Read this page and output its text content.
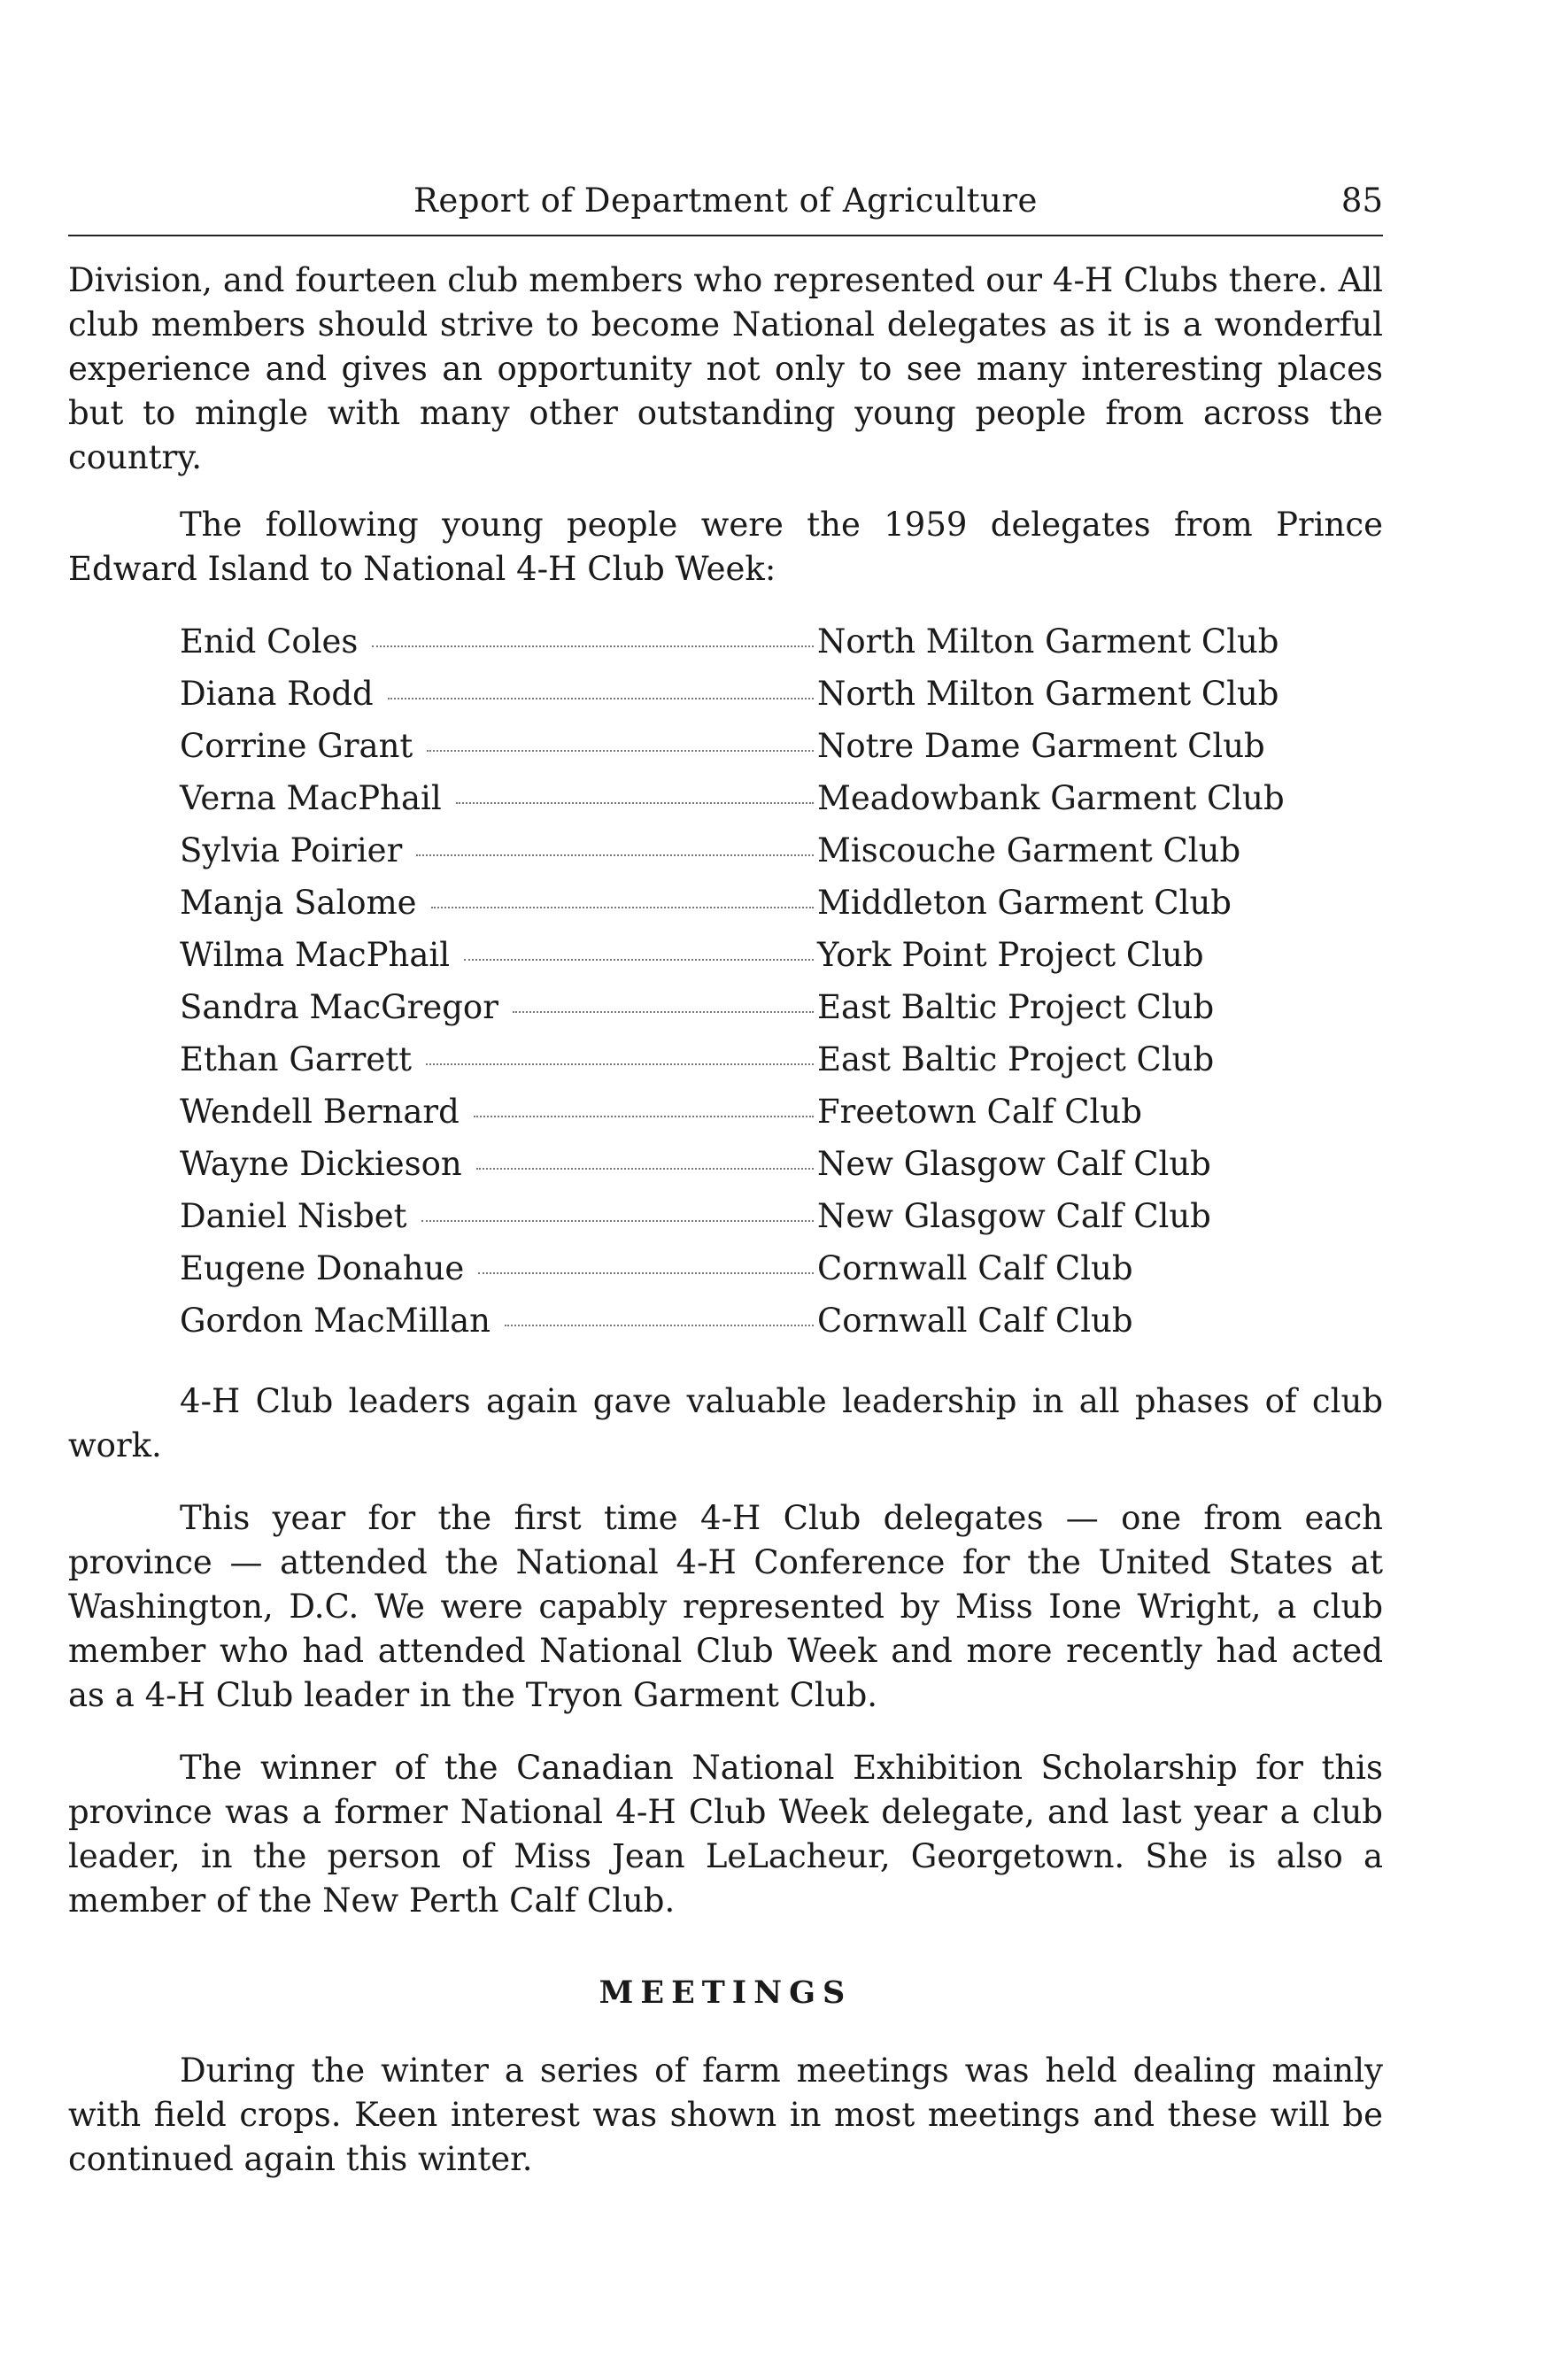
Report of Department of Agriculture	85

Division, and fourteen club members who represented our 4-H Clubs there. All club members should strive to become National delegates as it is a wonderful experience and gives an opportunity not only to see many interesting places but to mingle with many other outstanding young people from across the country.

The following young people were the 1959 delegates from Prince Edward Island to National 4-H Club Week:

Enid Coles	North Milton Garment Club
Diana Rodd	North Milton Garment Club
Corrine Grant	Notre Dame Garment Club
Verna MacPhail	Meadowbank Garment Club
Sylvia Poirier	Miscouche Garment Club
Manja Salome	Middleton Garment Club
Wilma MacPhail	York Point Project Club
Sandra MacGregor	East Baltic Project Club
Ethan Garrett	East Baltic Project Club
Wendell Bernard	Freetown Calf Club
Wayne Dickieson	New Glasgow Calf Club
Daniel Nisbet	New Glasgow Calf Club
Eugene Donahue	Cornwall Calf Club
Gordon MacMillan	Cornwall Calf Club

4-H Club leaders again gave valuable leadership in all phases of club work.

This year for the first time 4-H Club delegates — one from each province — attended the National 4-H Conference for the United States at Washington, D.C. We were capably represented by Miss Ione Wright, a club member who had attended National Club Week and more recently had acted as a 4-H Club leader in the Tryon Garment Club.

The winner of the Canadian National Exhibition Scholarship for this province was a former National 4-H Club Week delegate, and last year a club leader, in the person of Miss Jean LeLacheur, Georgetown. She is also a member of the New Perth Calf Club.

MEETINGS

During the winter a series of farm meetings was held dealing mainly with field crops. Keen interest was shown in most meetings and these will be continued again this winter.
